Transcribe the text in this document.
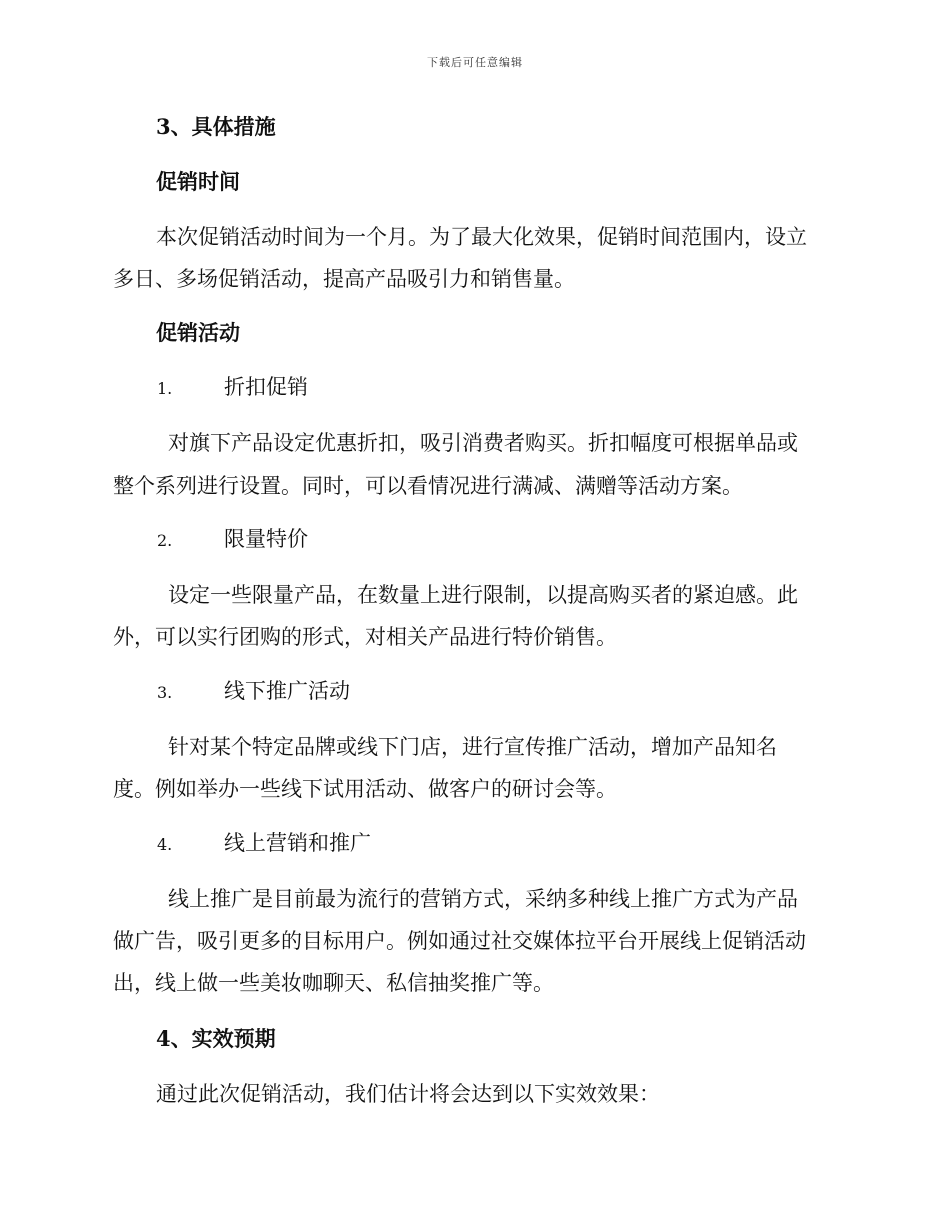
下载后可任意编辑
3、具体措施
促销时间
本次促销活动时间为一个月。为了最大化效果，促销时间范围内，设立
多日、多场促销活动，提高产品吸引力和销售量。
促销活动
1. 折扣促销
对旗下产品设定优惠折扣，吸引消费者购买。折扣幅度可根据单品或
整个系列进行设置。同时，可以看情况进行满减、满赠等活动方案。
2. 限量特价
设定一些限量产品，在数量上进行限制，以提高购买者的紧迫感。此
外，可以实行团购的形式，对相关产品进行特价销售。
3. 线下推广活动
针对某个特定品牌或线下门店，进行宣传推广活动，增加产品知名
度。例如举办一些线下试用活动、做客户的研讨会等。
4. 线上营销和推广
线上推广是目前最为流行的营销方式，采纳多种线上推广方式为产品
做广告，吸引更多的目标用户。例如通过社交媒体拉平台开展线上促销活动
出，线上做一些美妆咖聊天、私信抽奖推广等。
4、实效预期
通过此次促销活动，我们估计将会达到以下实效效果：
